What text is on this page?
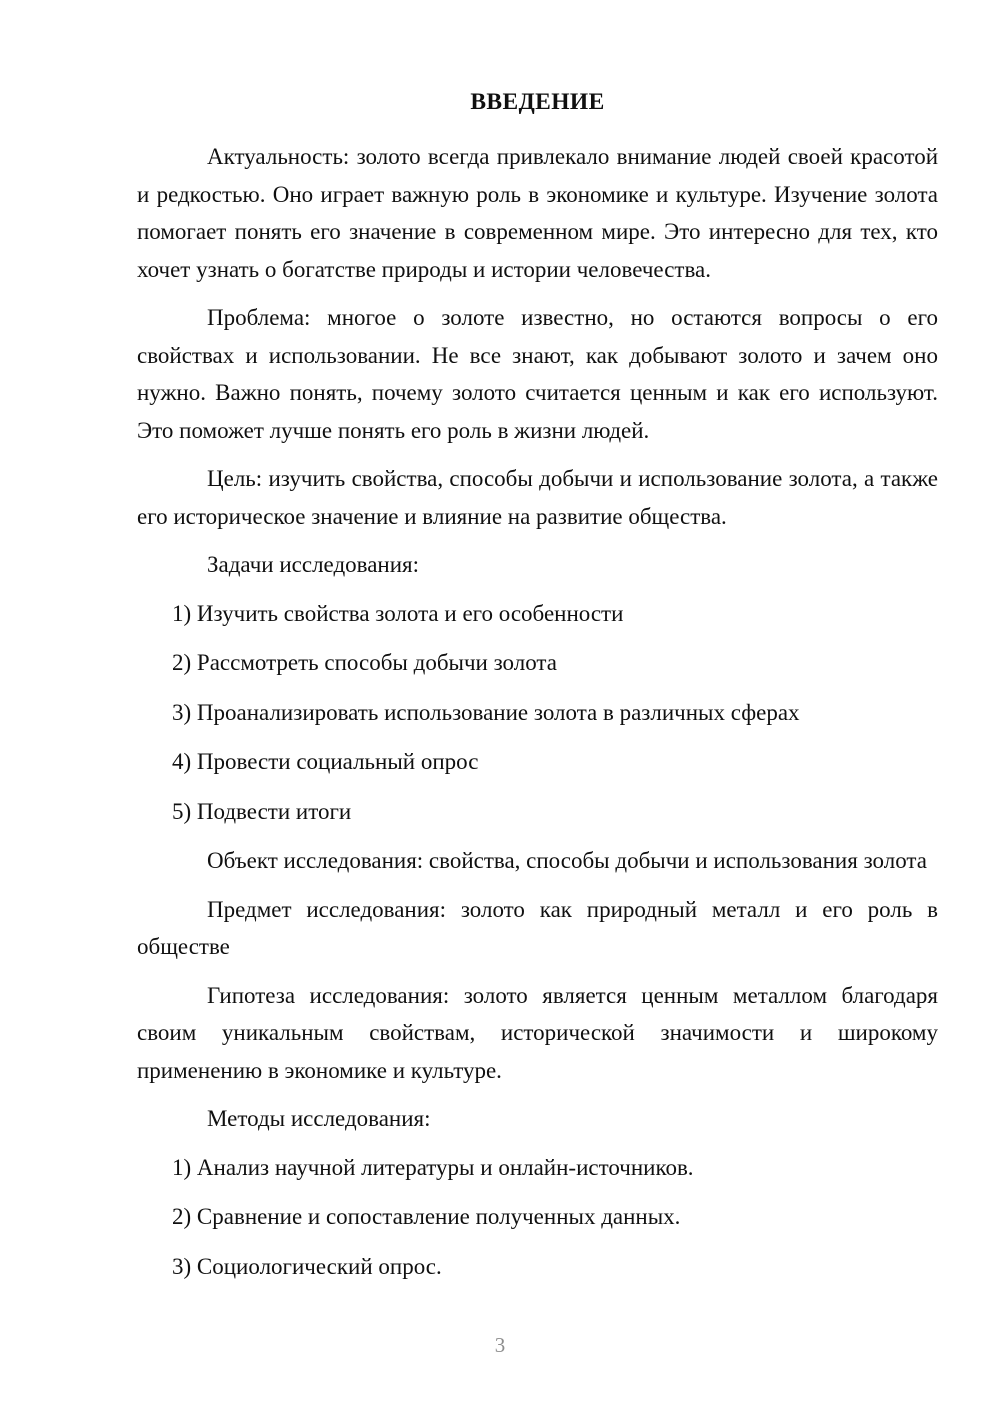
ВВЕДЕНИЕ

Актуальность: золото всегда привлекало внимание людей своей красотой и редкостью. Оно играет важную роль в экономике и культуре. Изучение золота помогает понять его значение в современном мире. Это интересно для тех, кто хочет узнать о богатстве природы и истории человечества.

Проблема: многое о золоте известно, но остаются вопросы о его свойствах и использовании. Не все знают, как добывают золото и зачем оно нужно. Важно понять, почему золото считается ценным и как его используют. Это поможет лучше понять его роль в жизни людей.

Цель: изучить свойства, способы добычи и использование золота, а также его историческое значение и влияние на развитие общества.

Задачи исследования:

1) Изучить свойства золота и его особенности

2) Рассмотреть способы добычи золота

3) Проанализировать использование золота в различных сферах

4) Провести социальный опрос

5) Подвести итоги

Объект исследования: свойства, способы добычи и использования золота

Предмет исследования: золото как природный металл и его роль в обществе

Гипотеза исследования: золото является ценным металлом благодаря своим уникальным свойствам, исторической значимости и широкому применению в экономике и культуре.

Методы исследования:

1) Анализ научной литературы и онлайн-источников.

2) Сравнение и сопоставление полученных данных.

3) Социологический опрос.

3
